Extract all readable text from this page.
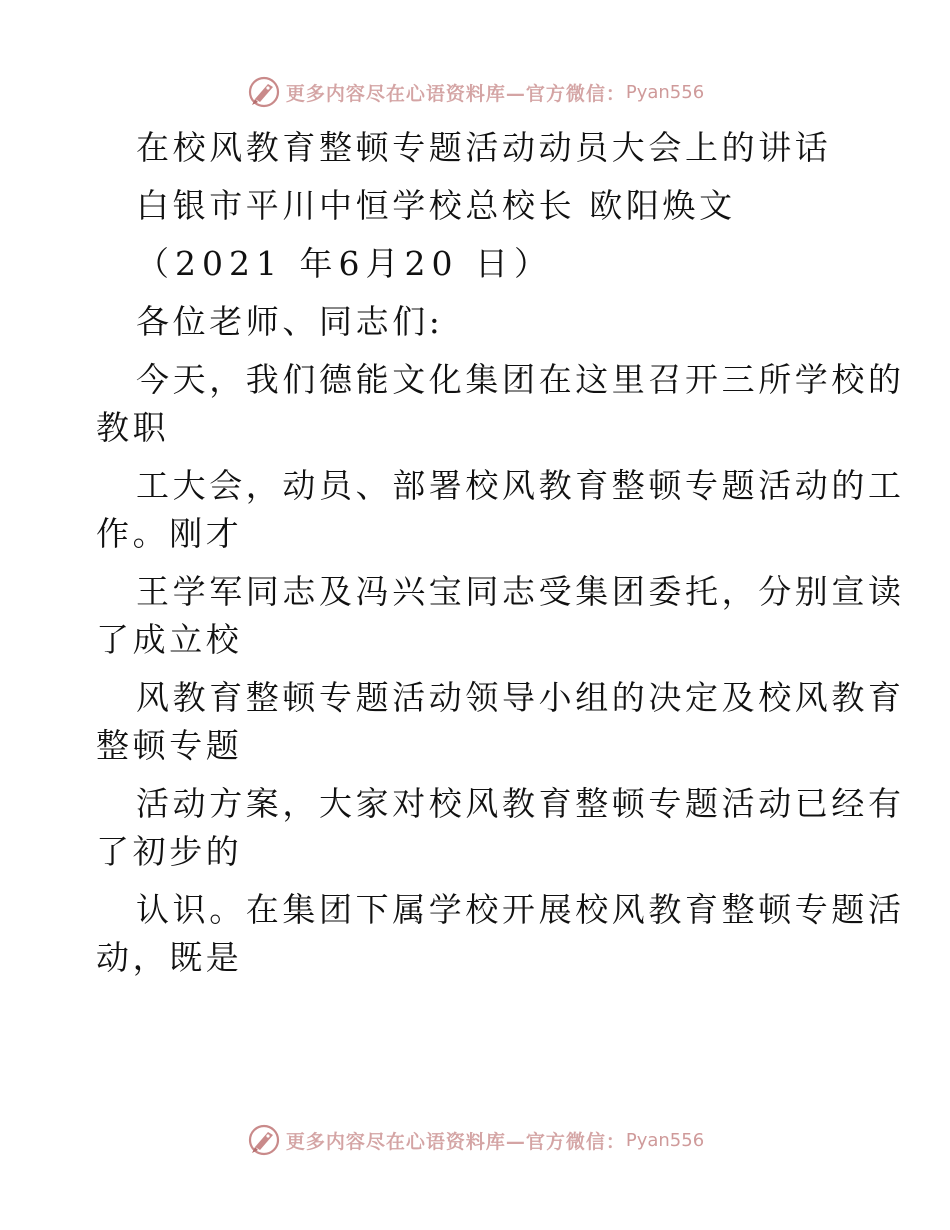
更多内容尽在心语资料库—官方微信： Pyan556
在校风教育整顿专题活动动员大会上的讲话
白银市平川中恒学校总校长 欧阳焕文
（2021 年6月20 日）
各位老师、同志们:
今天，我们德能文化集团在这里召开三所学校的
教职
工大会，动员、部署校风教育整顿专题活动的工
作。刚才
王学军同志及冯兴宝同志受集团委托，分别宣读
了成立校
风教育整顿专题活动领导小组的决定及校风教育
整顿专题
活动方案，大家对校风教育整顿专题活动已经有
了初步的
认识。在集团下属学校开展校风教育整顿专题活
动，既是
更多内容尽在心语资料库—官方微信： Pyan556
